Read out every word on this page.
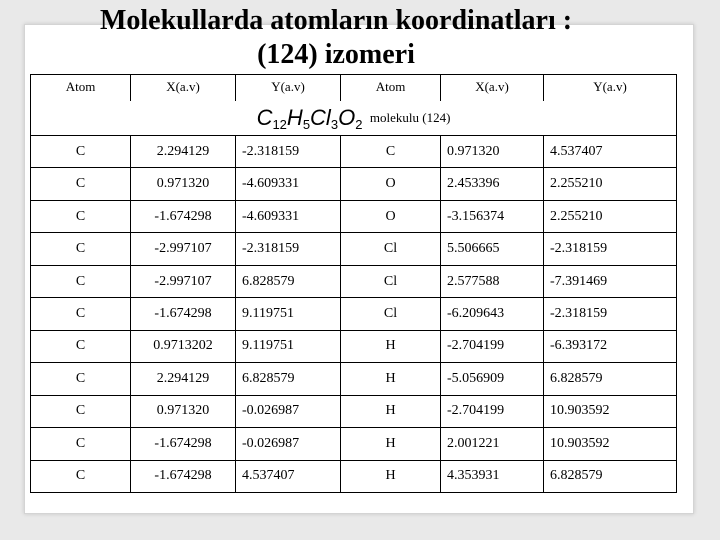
Molekullarda atomların koordinatları :
(124) izomeri
Atom	X(a.v)	Y(a.v)	Atom	X(a.v)	Y(a.v)
$C_{12}H_5Cl_3O_2$ molekulu (124)					
C	2.294129	-2.318159	C	0.971320	4.537407
C	0.971320	-4.609331	O	2.453396	2.255210
C	-1.674298	-4.609331	O	-3.156374	2.255210
C	-2.997107	-2.318159	Cl	5.506665	-2.318159
C	-2.997107	6.828579	Cl	2.577588	-7.391469
C	-1.674298	9.119751	Cl	-6.209643	-2.318159
C	0.9713202	9.119751	H	-2.704199	-6.393172
C	2.294129	6.828579	H	-5.056909	6.828579
C	0.971320	-0.026987	H	-2.704199	10.903592
C	-1.674298	-0.026987	H	2.001221	10.903592
C	-1.674298	4.537407	H	4.353931	6.828579
